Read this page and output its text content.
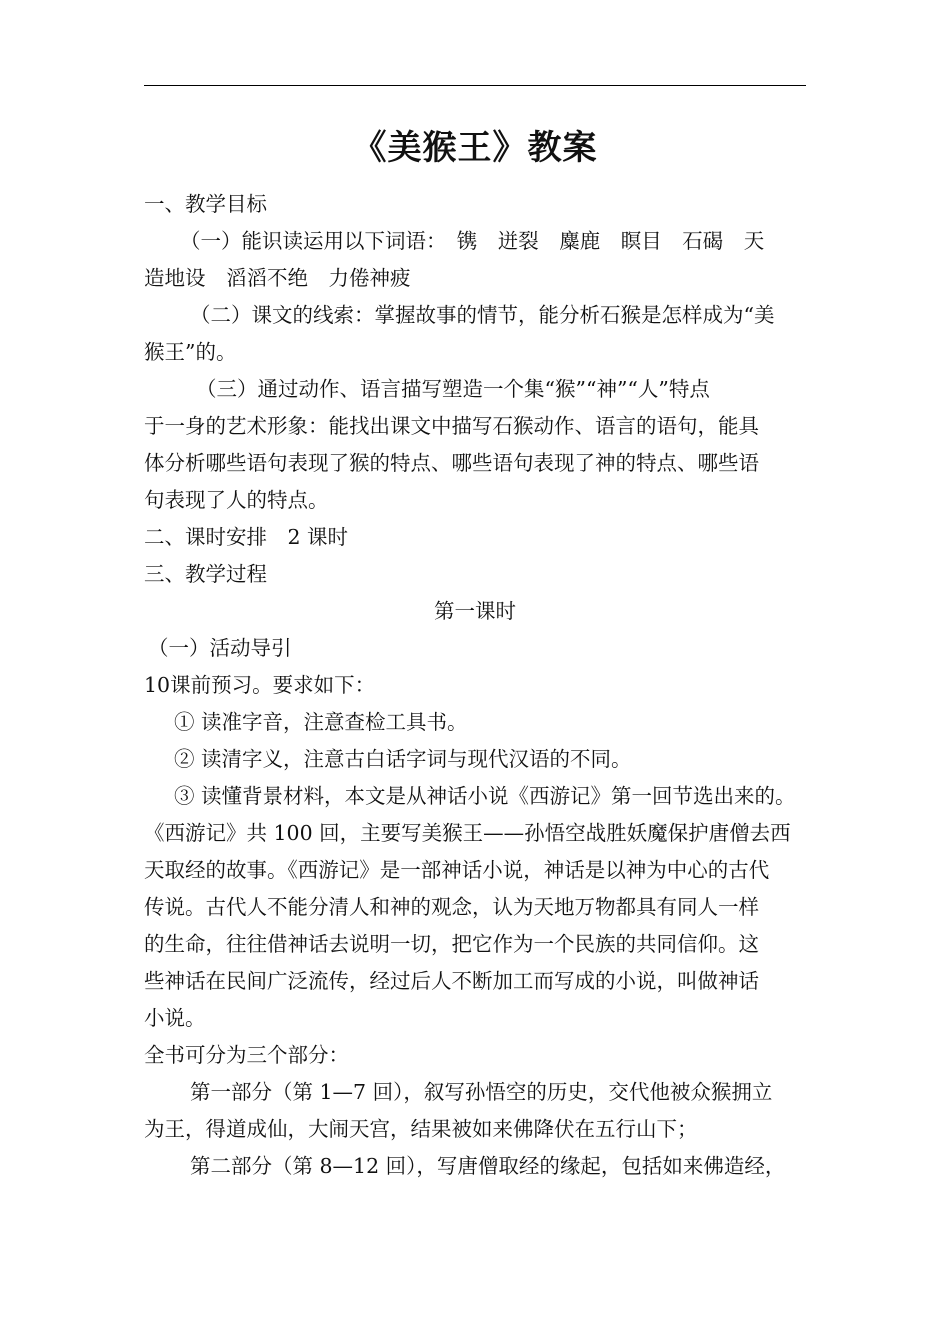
《美猴王》教案

一、教学目标

（一）能识读运用以下词语：　镌　迸裂　麋鹿　瞑目　石碣　天

造地设　滔滔不绝　力倦神疲

（二）课文的线索：掌握故事的情节，能分析石猴是怎样成为“美

猴王”的。

（三）通过动作、语言描写塑造一个集“猴”“神”“人”特点

于一身的艺术形象：能找出课文中描写石猴动作、语言的语句，能具

体分析哪些语句表现了猴的特点、哪些语句表现了神的特点、哪些语

句表现了人的特点。

二、课时安排　2 课时

三、教学过程

第一课时

（一）活动导引

10课前预习。要求如下：

① 读准字音，注意查检工具书。

② 读清字义，注意古白话字词与现代汉语的不同。

③ 读懂背景材料，本文是从神话小说《西游记》第一回节选出来的。

《西游记》共 100 回，主要写美猴王——孙悟空战胜妖魔保护唐僧去西

天取经的故事。《西游记》是一部神话小说，神话是以神为中心的古代

传说。古代人不能分清人和神的观念，认为天地万物都具有同人一样

的生命，往往借神话去说明一切，把它作为一个民族的共同信仰。这

些神话在民间广泛流传，经过后人不断加工而写成的小说，叫做神话

小说。

全书可分为三个部分：

第一部分（第 1—7 回），叙写孙悟空的历史，交代他被众猴拥立

为王，得道成仙，大闹天宫，结果被如来佛降伏在五行山下；

第二部分（第 8—12 回），写唐僧取经的缘起，包括如来佛造经，
